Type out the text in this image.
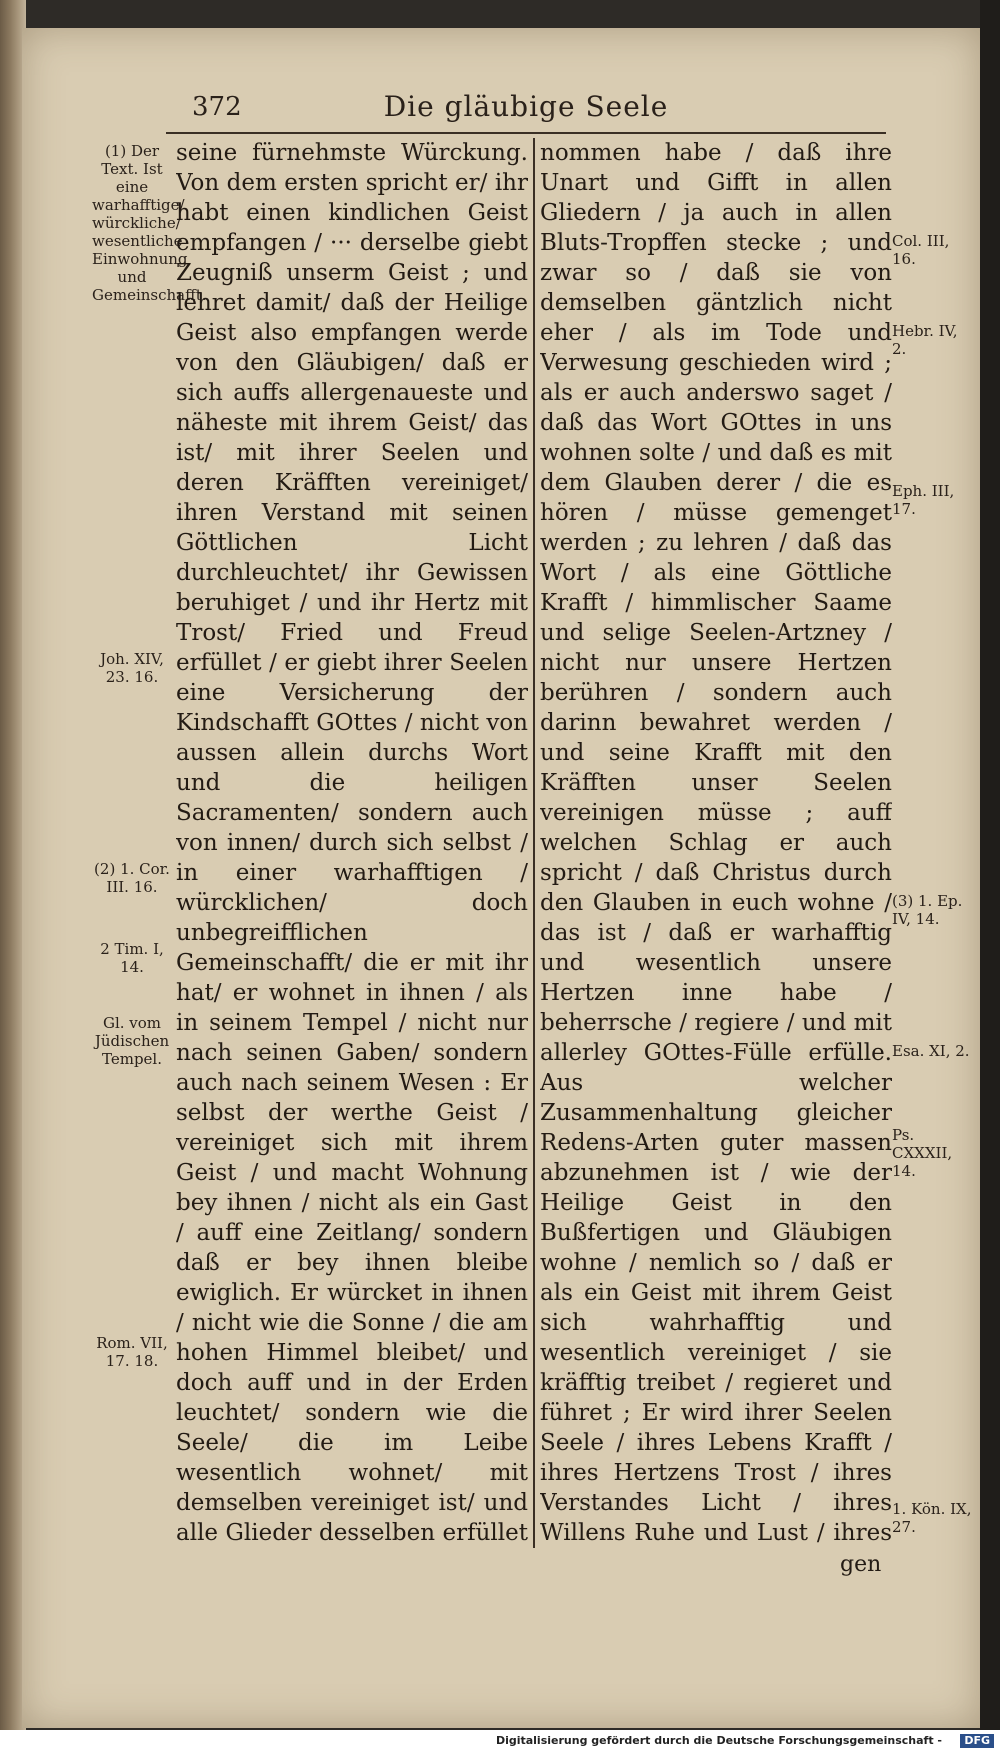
372	Die gläubige Seele
(1) Der Text. Ist eine warhafftige/ würckliche/ wesentliche Einwohnung und Gemeinschafft.
Joh. XIV, 23. 16.
(2) 1. Cor. III. 16.
2 Tim. I, 14.
Gl. vom Jüdischen Tempel.
Rom. VII, 17. 18.

seine fürnehmste Würckung. Von dem ersten spricht er/ ihr habt einen kindlichen Geist empfangen / ··· derselbe giebt Zeugniß unserm Geist ; und lehret damit/ daß der Heilige Geist also empfangen werde von den Gläubigen/ daß er sich auffs allergenaueste und näheste mit ihrem Geist/ das ist/ mit ihrer Seelen und deren Kräfften vereiniget/ ihren Verstand mit seinen Göttlichen Licht durchleuchtet/ ihr Gewissen beruhiget / und ihr Hertz mit Trost/ Fried und Freud erfüllet / er giebt ihrer Seelen eine Versicherung der Kindschafft GOttes / nicht von aussen allein durchs Wort und die heiligen Sacramenten/ sondern auch von innen/ durch sich selbst / in einer warhafftigen / würcklichen/ doch unbegreifflichen Gemeinschafft/ die er mit ihr hat/ er wohnet in ihnen / als in seinem Tempel / nicht nur nach seinen Gaben/ sondern auch nach seinem Wesen : Er selbst der werthe Geist / vereiniget sich mit ihrem Geist / und macht Wohnung bey ihnen / nicht als ein Gast / auff eine Zeitlang/ sondern daß er bey ihnen bleibe ewiglich. Er würcket in ihnen / nicht wie die Sonne / die am hohen Himmel bleibet/ und doch auff und in der Erden leuchtet/ sondern wie die Seele/ die im Leibe wesentlich wohnet/ mit demselben vereiniget ist/ und alle Glieder desselben erfüllet

nommen habe / daß ihre Unart und Gifft in allen Gliedern / ja auch in allen Bluts-Tropffen stecke ; und zwar so / daß sie von demselben gäntzlich nicht eher / als im Tode und Verwesung geschieden wird ; als er auch anderswo saget / daß das Wort GOttes in uns wohnen solte / und daß es mit dem Glauben derer / die es hören / müsse gemenget werden ; zu lehren / daß das Wort / als eine Göttliche Krafft / himmlischer Saame und selige Seelen-Artzney / nicht nur unsere Hertzen berühren / sondern auch darinn bewahret werden / und seine Krafft mit den Kräfften unser Seelen vereinigen müsse ; auff welchen Schlag er auch spricht / daß Christus durch den Glauben in euch wohne / das ist / daß er warhafftig und wesentlich unsere Hertzen inne habe / beherrsche / regiere / und mit allerley GOttes-Fülle erfülle. Aus welcher Zusammenhaltung gleicher Redens-Arten guter massen abzunehmen ist / wie der Heilige Geist in den Bußfertigen und Gläubigen wohne / nemlich so / daß er als ein Geist mit ihrem Geist sich wahrhafftig und wesentlich vereiniget / sie kräfftig treibet / regieret und führet ; Er wird ihrer Seelen Seele / ihres Lebens Krafft / ihres Hertzens Trost / ihres Verstandes Licht / ihres Willens Ruhe und Lust / ihres

Col. III, 16.
Hebr. IV, 2.
Eph. III, 17.
(3) 1. Ep. IV, 14.
Esa. XI, 2.
Ps. CXXXII, 14.
1. Kön. IX, 27.
gen
Digitalisierung gefördert durch die Deutsche Forschungsgemeinschaft -	DFG
